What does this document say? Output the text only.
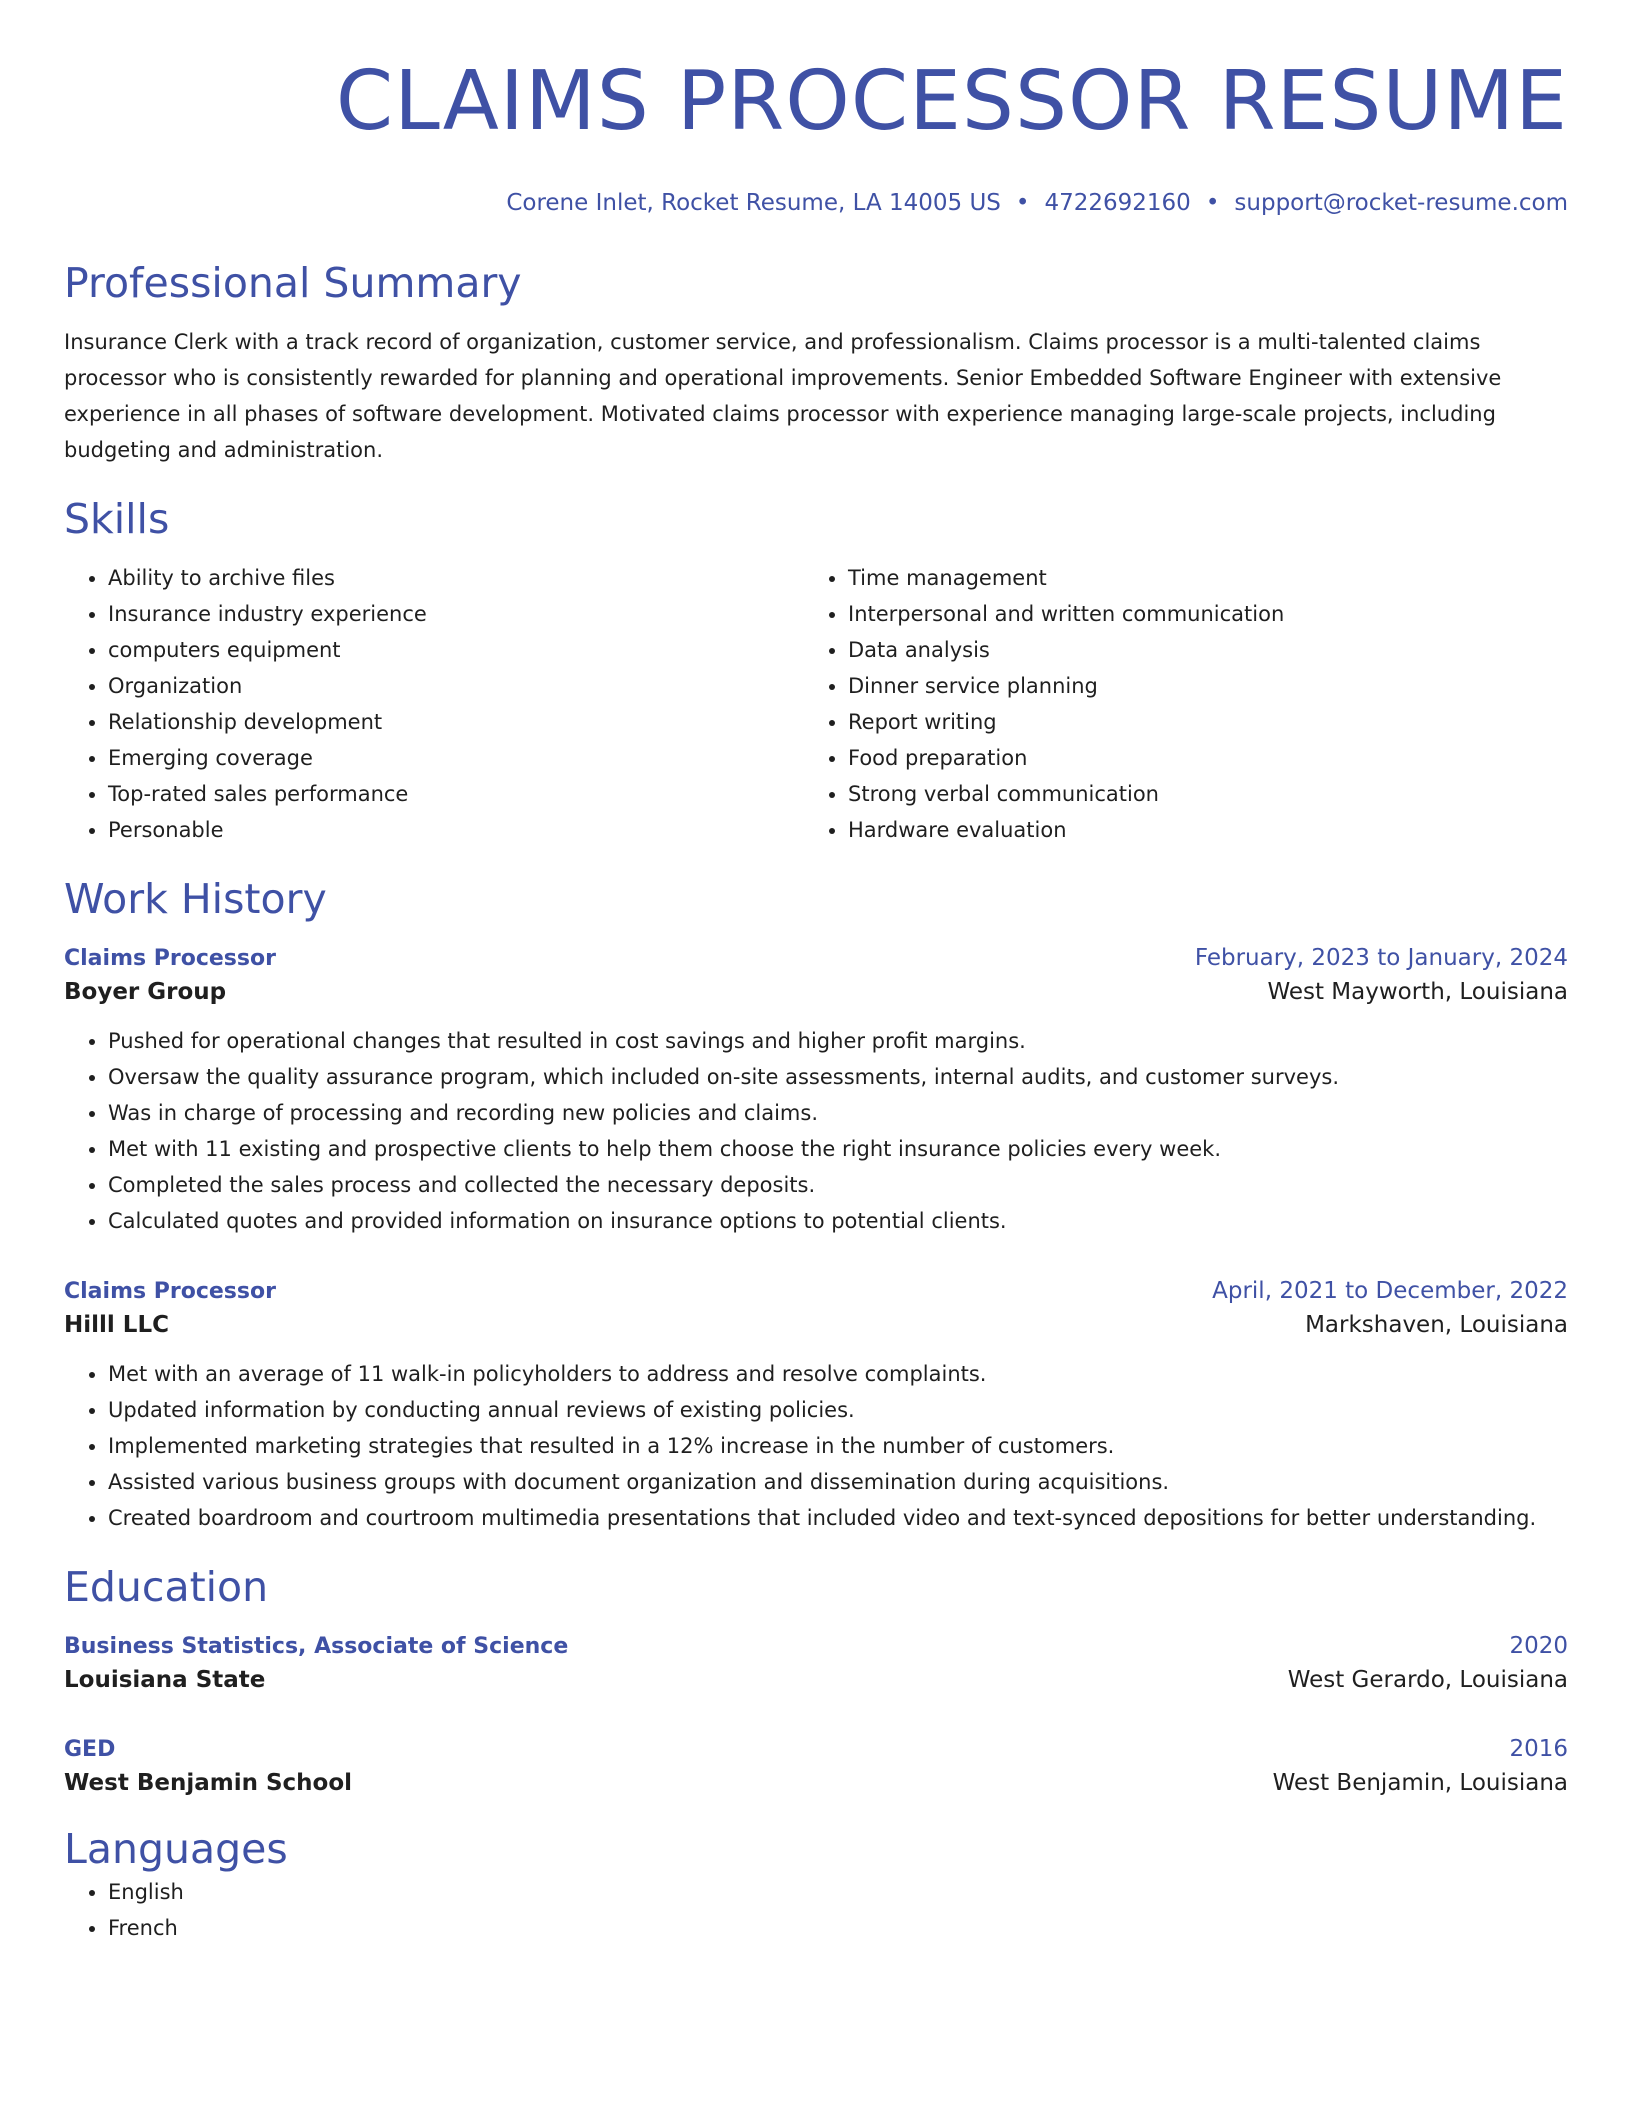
CLAIMS PROCESSOR RESUME
Corene Inlet, Rocket Resume, LA 14005 US • 4722692160 • support@rocket-resume.com
Professional Summary
Insurance Clerk with a track record of organization, customer service, and professionalism. Claims processor is a multi-talented claims processor who is consistently rewarded for planning and operational improvements. Senior Embedded Software Engineer with extensive experience in all phases of software development. Motivated claims processor with experience managing large-scale projects, including budgeting and administration.
Skills
• Ability to archive files
• Insurance industry experience
• computers equipment
• Organization
• Relationship development
• Emerging coverage
• Top-rated sales performance
• Personable
• Time management
• Interpersonal and written communication
• Data analysis
• Dinner service planning
• Report writing
• Food preparation
• Strong verbal communication
• Hardware evaluation
Work History
Claims Processor	February, 2023 to January, 2024
Boyer Group	West Mayworth, Louisiana
• Pushed for operational changes that resulted in cost savings and higher profit margins.
• Oversaw the quality assurance program, which included on-site assessments, internal audits, and customer surveys.
• Was in charge of processing and recording new policies and claims.
• Met with 11 existing and prospective clients to help them choose the right insurance policies every week.
• Completed the sales process and collected the necessary deposits.
• Calculated quotes and provided information on insurance options to potential clients.
Claims Processor	April, 2021 to December, 2022
Hilll LLC	Markshaven, Louisiana
• Met with an average of 11 walk-in policyholders to address and resolve complaints.
• Updated information by conducting annual reviews of existing policies.
• Implemented marketing strategies that resulted in a 12% increase in the number of customers.
• Assisted various business groups with document organization and dissemination during acquisitions.
• Created boardroom and courtroom multimedia presentations that included video and text-synced depositions for better understanding.
Education
Business Statistics, Associate of Science	2020
Louisiana State	West Gerardo, Louisiana
GED	2016
West Benjamin School	West Benjamin, Louisiana
Languages
• English
• French
